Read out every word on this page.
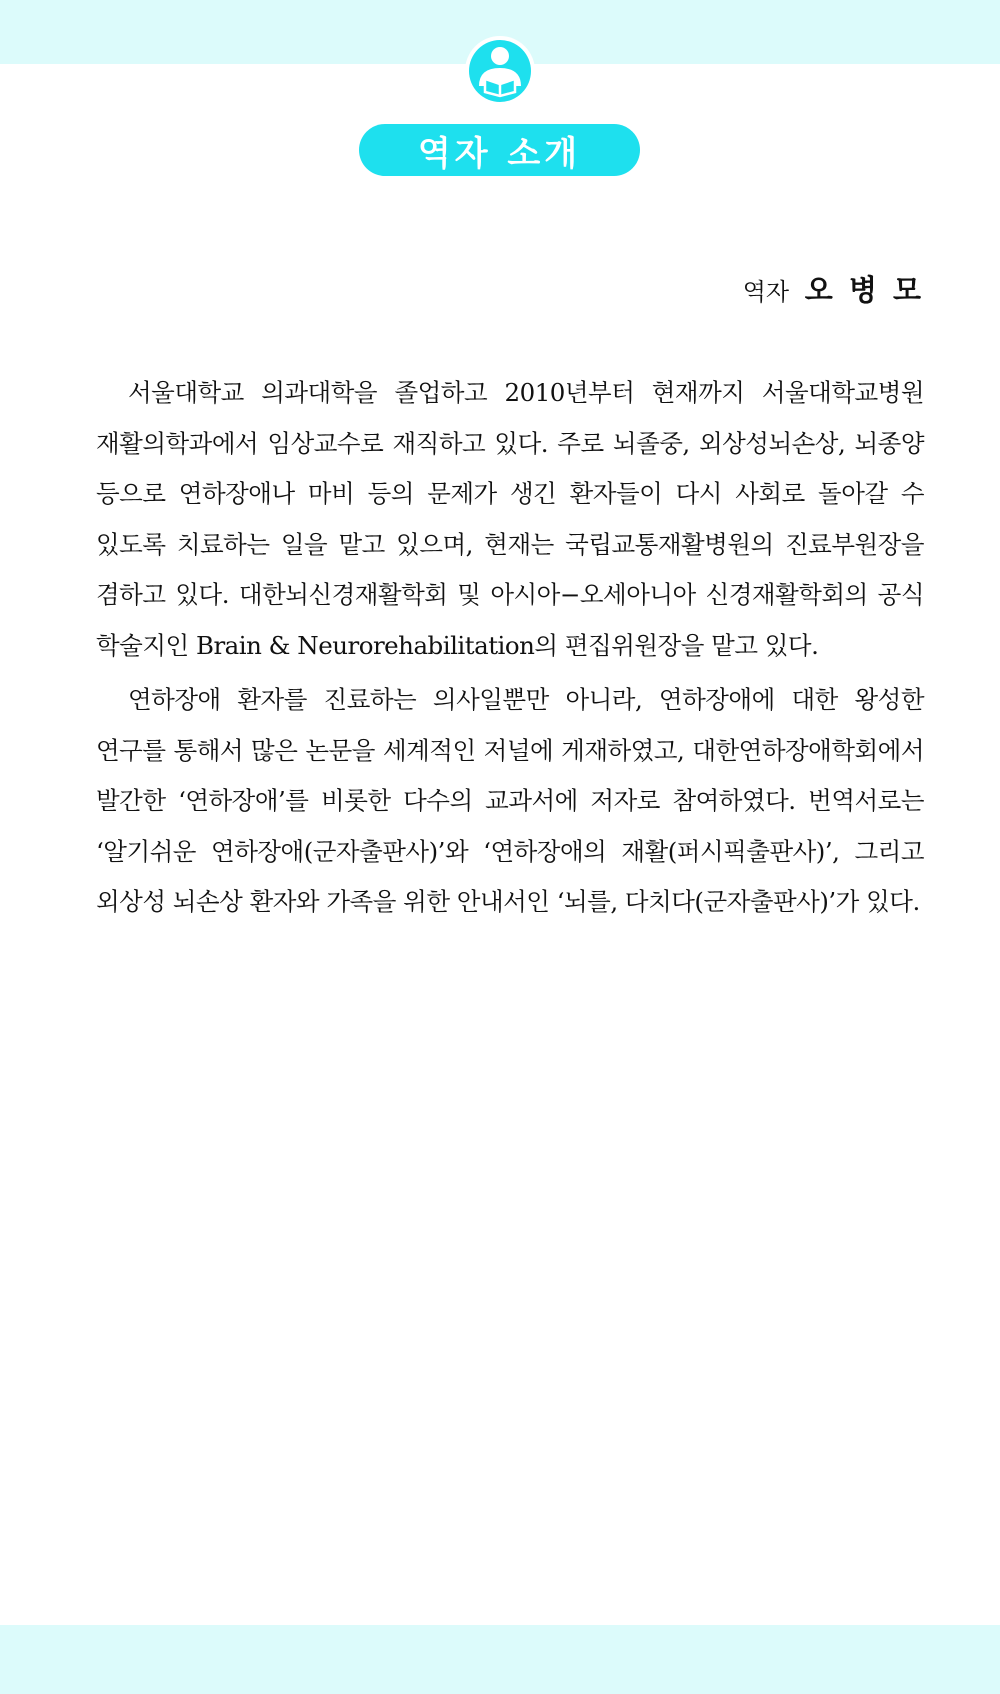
역자 소개
역자 오 병 모

서울대학교 의과대학을 졸업하고 2010년부터 현재까지 서울대학교병원 재활의학과에서 임상교수로 재직하고 있다. 주로 뇌졸중, 외상성뇌손상, 뇌종양 등으로 연하장애나 마비 등의 문제가 생긴 환자들이 다시 사회로 돌아갈 수 있도록 치료하는 일을 맡고 있으며, 현재는 국립교통재활병원의 진료부원장을 겸하고 있다. 대한뇌신경재활학회 및 아시아−오세아니아 신경재활학회의 공식 학술지인 Brain & Neurorehabilitation의 편집위원장을 맡고 있다.

연하장애 환자를 진료하는 의사일뿐만 아니라, 연하장애에 대한 왕성한 연구를 통해서 많은 논문을 세계적인 저널에 게재하였고, 대한연하장애학회에서 발간한 ‘연하장애’를 비롯한 다수의 교과서에 저자로 참여하였다. 번역서로는 ‘알기쉬운 연하장애(군자출판사)’와 ‘연하장애의 재활(퍼시픽출판사)’, 그리고 외상성 뇌손상 환자와 가족을 위한 안내서인 ‘뇌를, 다치다(군자출판사)’가 있다.
